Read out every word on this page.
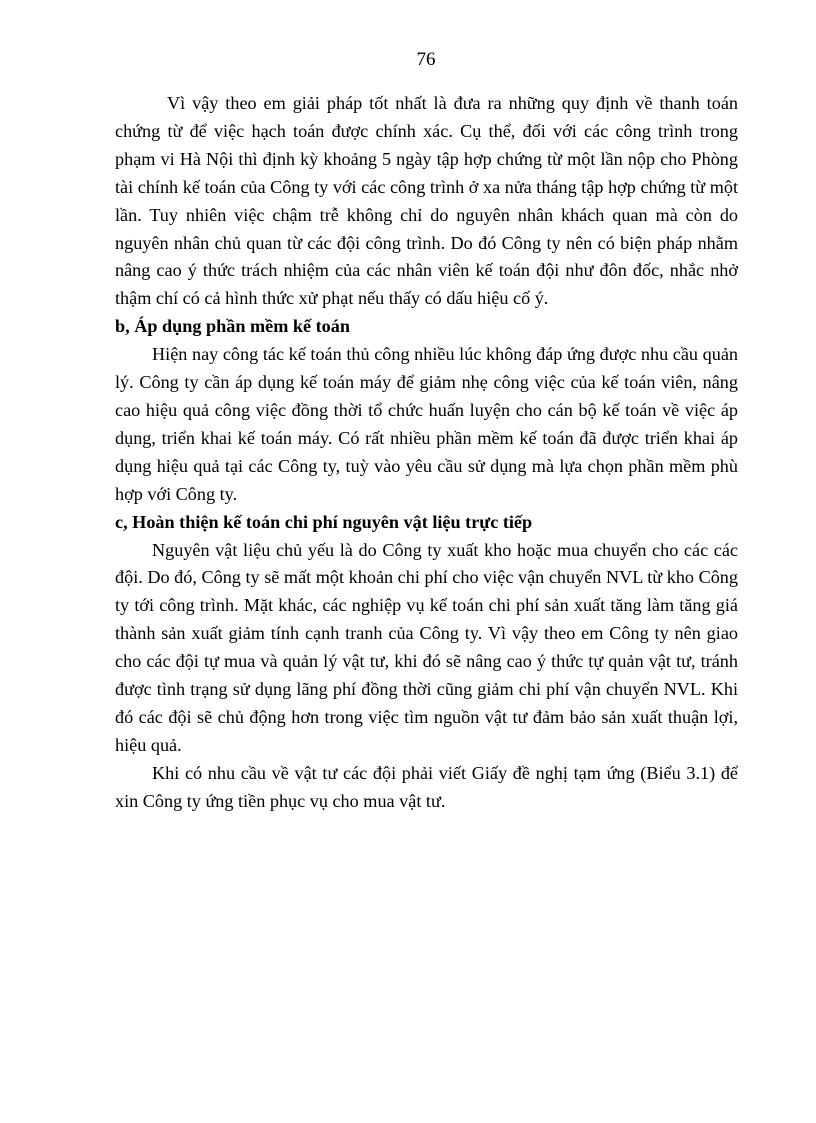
76

Vì vậy theo em giải pháp tốt nhất là đưa ra những quy định về thanh toán chứng từ để việc hạch toán được chính xác. Cụ thể, đối với các công trình trong phạm vi Hà Nội thì định kỳ khoảng 5 ngày tập hợp chứng từ một lần nộp cho Phòng tài chính kế toán của Công ty với các công trình ở xa nửa tháng tập hợp chứng từ một lần. Tuy nhiên việc chậm trễ không chỉ do nguyên nhân khách quan mà còn do nguyên nhân chủ quan từ các đội công trình. Do đó Công ty nên có biện pháp nhằm nâng cao ý thức trách nhiệm của các nhân viên kế toán đội như đôn đốc, nhắc nhở thậm chí có cả hình thức xử phạt nếu thấy có dấu hiệu cố ý.

b, Áp dụng phần mềm kế toán

Hiện nay công tác kế toán thủ công nhiều lúc không đáp ứng được nhu cầu quản lý. Công ty cần áp dụng kế toán máy để giảm nhẹ công việc của kế toán viên, nâng cao hiệu quả công việc đồng thời tổ chức huấn luyện cho cán bộ kế toán về việc áp dụng, triển khai kế toán máy. Có rất nhiều phần mềm kế toán đã được triển khai áp dụng hiệu quả tại các Công ty, tuỳ vào yêu cầu sử dụng mà lựa chọn phần mềm phù hợp với Công ty.

c, Hoàn thiện kế toán chi phí nguyên vật liệu trực tiếp

Nguyên vật liệu chủ yếu là do Công ty xuất kho hoặc mua chuyển cho các các đội. Do đó, Công ty sẽ mất một khoản chi phí cho việc vận chuyển NVL từ kho Công ty tới công trình. Mặt khác, các nghiệp vụ kế toán chi phí sản xuất tăng làm tăng giá thành sản xuất giảm tính cạnh tranh của Công ty. Vì vậy theo em Công ty nên giao cho các đội tự mua và quản lý vật tư, khi đó sẽ nâng cao ý thức tự quản vật tư, tránh được tình trạng sử dụng lãng phí đồng thời cũng giảm chi phí vận chuyển NVL. Khi đó các đội sẽ chủ động hơn trong việc tìm nguồn vật tư đảm bảo sản xuất thuận lợi, hiệu quả.

Khi có nhu cầu về vật tư các đội phải viết Giấy đề nghị tạm ứng (Biểu 3.1) để xin Công ty ứng tiền phục vụ cho mua vật tư.
